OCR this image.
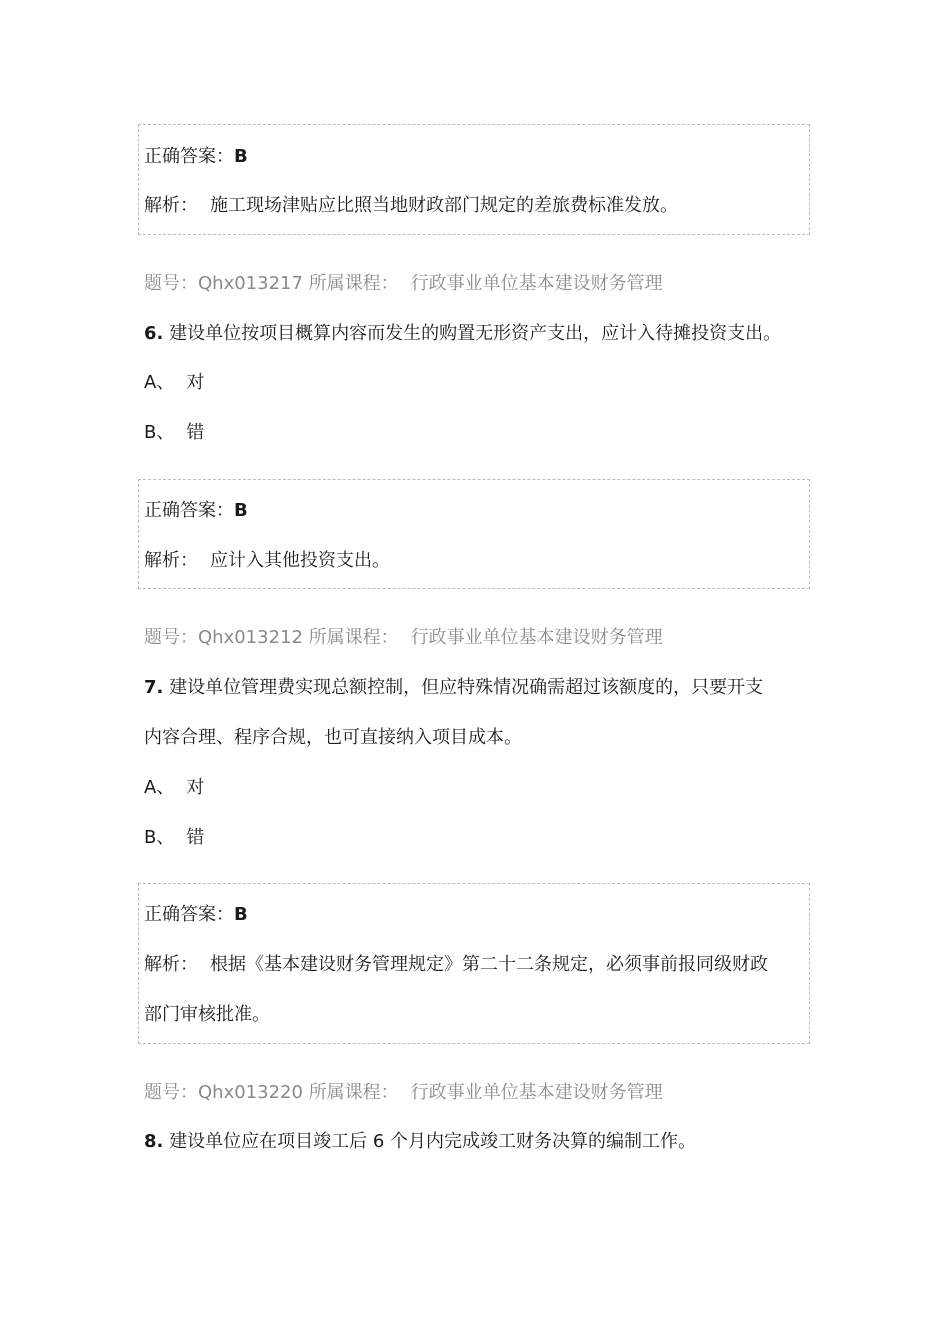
正确答案：B
解析： 施工现场津贴应比照当地财政部门规定的差旅费标准发放。
题号：Qhx013217 所属课程： 行政事业单位基本建设财务管理
6. 建设单位按项目概算内容而发生的购置无形资产支出，应计入待摊投资支出。
A、 对
B、 错
正确答案：B
解析： 应计入其他投资支出。
题号：Qhx013212 所属课程： 行政事业单位基本建设财务管理
7. 建设单位管理费实现总额控制，但应特殊情况确需超过该额度的，只要开支
内容合理、程序合规，也可直接纳入项目成本。
A、 对
B、 错
正确答案：B
解析： 根据《基本建设财务管理规定》第二十二条规定，必须事前报同级财政
部门审核批准。
题号：Qhx013220 所属课程： 行政事业单位基本建设财务管理
8. 建设单位应在项目竣工后 6 个月内完成竣工财务决算的编制工作。
